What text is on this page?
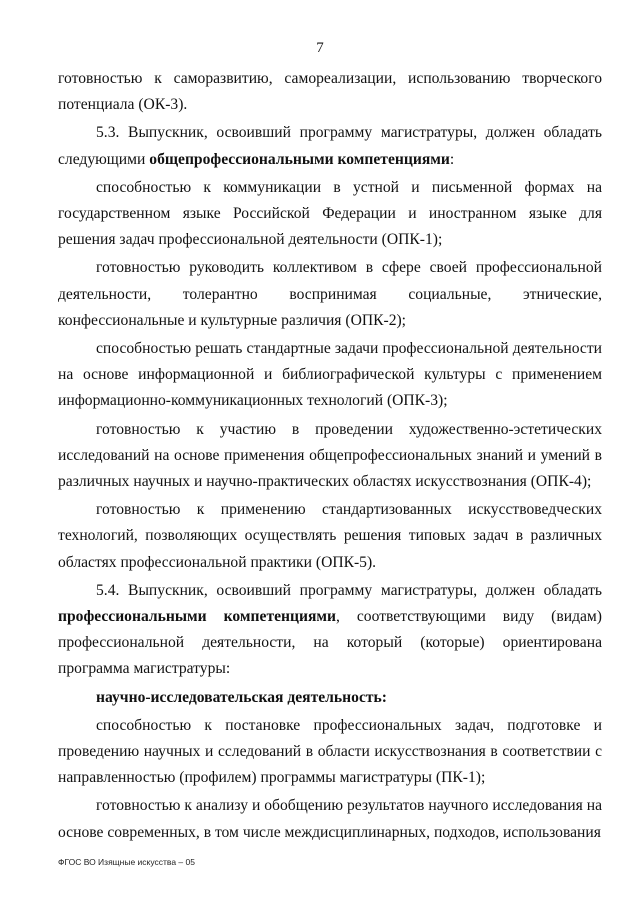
7

готовностью к саморазвитию, самореализации, использованию творческого потенциала (ОК-3).

5.3. Выпускник, освоивший программу магистратуры, должен обладать следующими общепрофессиональными компетенциями:

способностью к коммуникации в устной и письменной формах на государственном языке Российской Федерации и иностранном языке для решения задач профессиональной деятельности (ОПК-1);

готовностью руководить коллективом в сфере своей профессиональной деятельности, толерантно воспринимая социальные, этнические, конфессиональные и культурные различия (ОПК-2);

способностью решать стандартные задачи профессиональной деятельности на основе информационной и библиографической культуры с применением информационно-коммуникационных технологий (ОПК-3);

готовностью к участию в проведении художественно-эстетических исследований на основе применения общепрофессиональных знаний и умений в различных научных и научно-практических областях искусствознания (ОПК-4);

готовностью к применению стандартизованных искусствоведческих технологий, позволяющих осуществлять решения типовых задач в различных областях профессиональной практики (ОПК-5).

5.4. Выпускник, освоивший программу магистратуры, должен обладать профессиональными компетенциями, соответствующими виду (видам) профессиональной деятельности, на который (которые) ориентирована программа магистратуры:

научно-исследовательская деятельность:

способностью к постановке профессиональных задач, подготовке и проведению научных и сследований в области искусствознания в соответствии с направленностью (профилем) программы магистратуры (ПК-1);

готовностью к анализу и обобщению результатов научного исследования на основе современных, в том числе междисциплинарных, подходов, использования

ФГОС ВО Изящные искусства – 05
